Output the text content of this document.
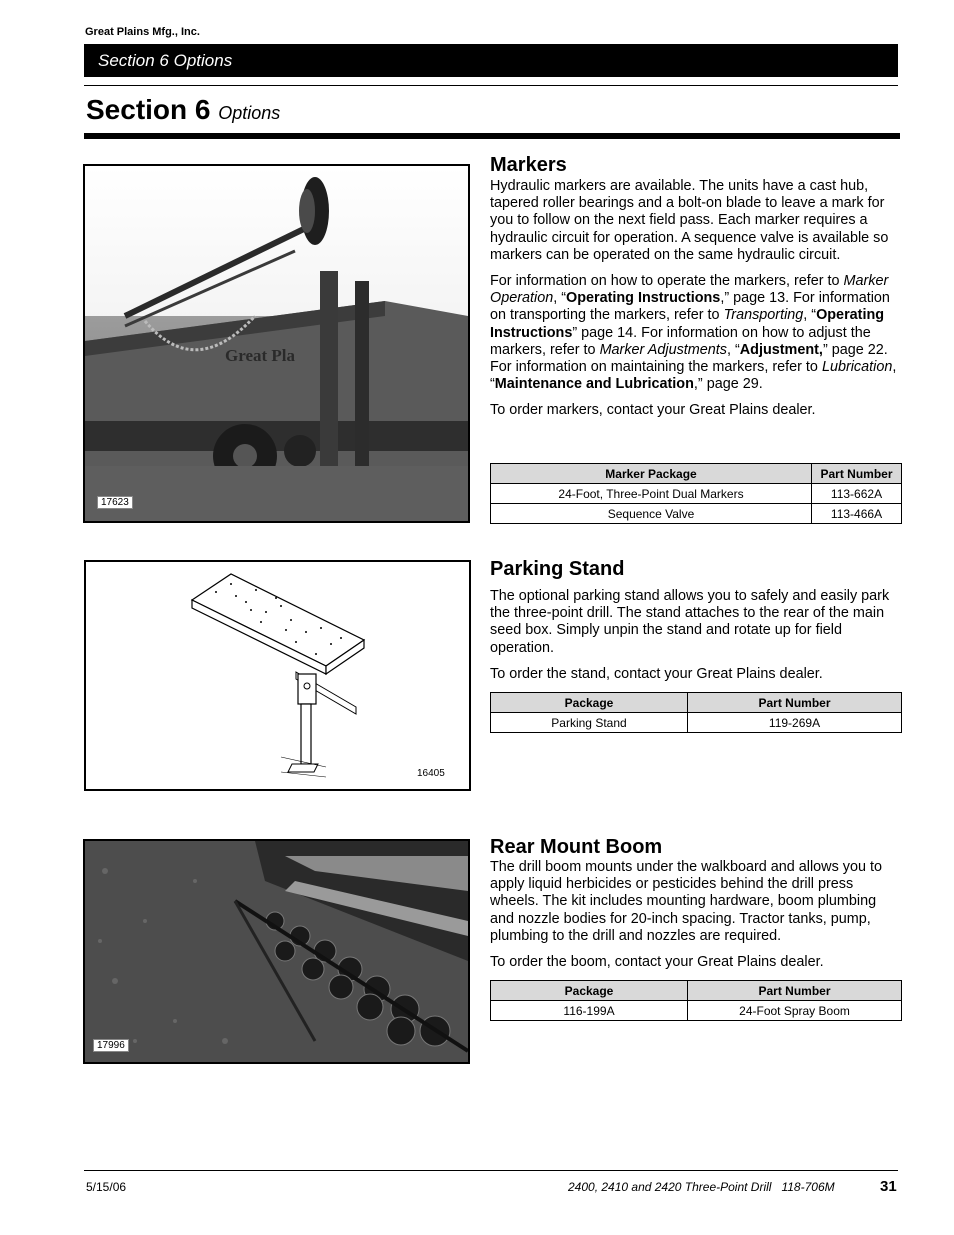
Great Plains Mfg., Inc.
Section 6 Options
Section 6 Options
Great Pla
17623
Markers

Hydraulic markers are available. The units have a cast hub, tapered roller bearings and a bolt-on blade to leave a mark for you to follow on the next field pass. Each marker requires a hydraulic circuit for operation. A sequence valve is available so markers can be operated on the same hydraulic circuit.

For information on how to operate the markers, refer to Marker Operation, “Operating Instructions,” page 13. For information on transporting the markers, refer to Transporting, “Operating Instructions” page 14. For information on how to adjust the markers, refer to Marker Adjustments, “Adjustment,” page 22. For information on maintaining the markers, refer to Lubrication, “Maintenance and Lubrication,” page 29.

To order markers, contact your Great Plains dealer.

Marker Package	Part Number
24-Foot, Three-Point Dual Markers	113-662A
Sequence Valve	113-466A
16405
Parking Stand

The optional parking stand allows you to safely and easily park the three-point drill. The stand attaches to the rear of the main seed box. Simply unpin the stand and rotate up for field operation.

To order the stand, contact your Great Plains dealer.

Package	Part Number
Parking Stand	119-269A
17996
Rear Mount Boom

The drill boom mounts under the walkboard and allows you to apply liquid herbicides or pesticides behind the drill press wheels. The kit includes mounting hardware, boom plumbing and nozzle bodies for 20-inch spacing. Tractor tanks, pump, plumbing to the drill and nozzles are required.

To order the boom, contact your Great Plains dealer.

Package	Part Number
116-199A	24-Foot Spray Boom
5/15/06	2400, 2410 and 2420 Three-Point Drill   118-706M	31
